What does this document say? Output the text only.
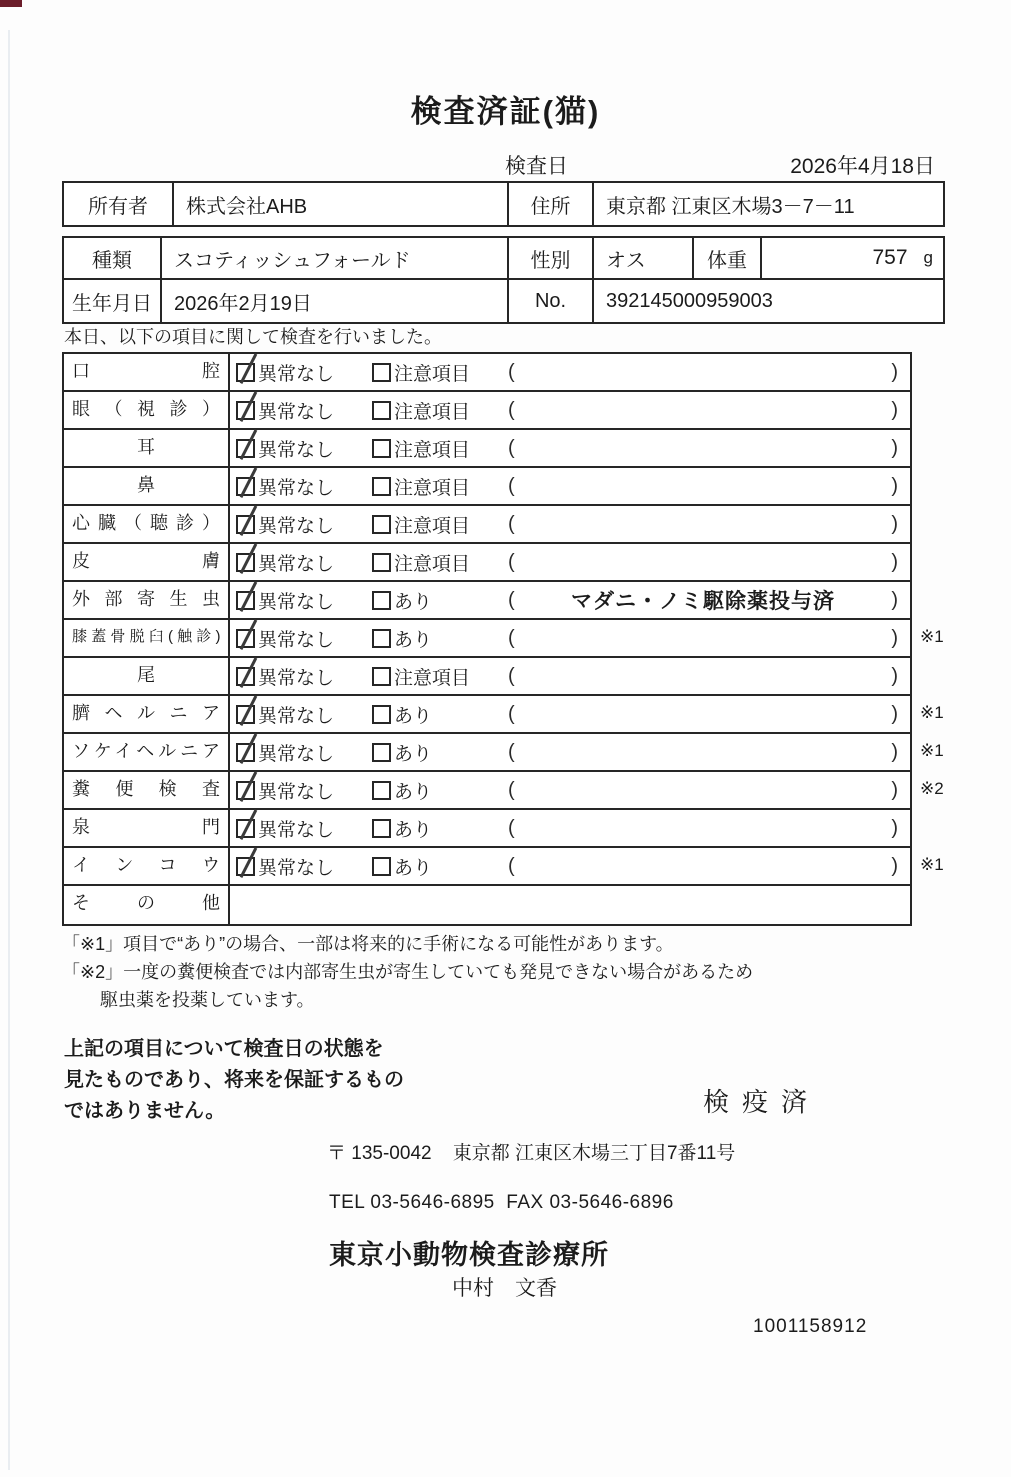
検査済証(猫)
検査日	2026年4月18日
所有者	株式会社AHB	住所	東京都 江東区木場3－7－11
種類	スコティッシュフォールド	性別	オス	体重	757 g
生年月日	2026年2月19日	No.	392145000959003
本日、以下の項目に関して検査を行いました。
口腔	異常なし	注意項目 (	)
眼（視診）	異常なし	注意項目 (	)
耳	異常なし	注意項目 (	)
鼻	異常なし	注意項目 (	)
心臓（聴診）	異常なし	注意項目 (	)
皮膚	異常なし	注意項目 (	)
外部寄生虫	異常なし	あり	(	マダニ・ノミ駆除薬投与済	)
膝蓋骨脱臼(触診)	異常なし	あり	(	) ※1
尾	異常なし	注意項目 (	)
臍ヘルニア	異常なし	あり	(	) ※1
ソケイヘルニア	異常なし	あり	(	) ※1
糞便検査	異常なし	あり	(	) ※2
泉門	異常なし	あり	(	)
インコウ	異常なし	あり	(	) ※1
その他
「※1」項目で“あり”の場合、一部は将来的に手術になる可能性があります。
「※2」一度の糞便検査では内部寄生虫が寄生していても発見できない場合があるため
駆虫薬を投薬しています。
上記の項目について検査日の状態を
見たものであり、将来を保証するもの
ではありません。	検疫済
〒 135-0042    東京都 江東区木場三丁目7番11号
TEL 03-5646-6895  FAX 03-5646-6896
東京小動物検査診療所
中村　文香
1001158912
